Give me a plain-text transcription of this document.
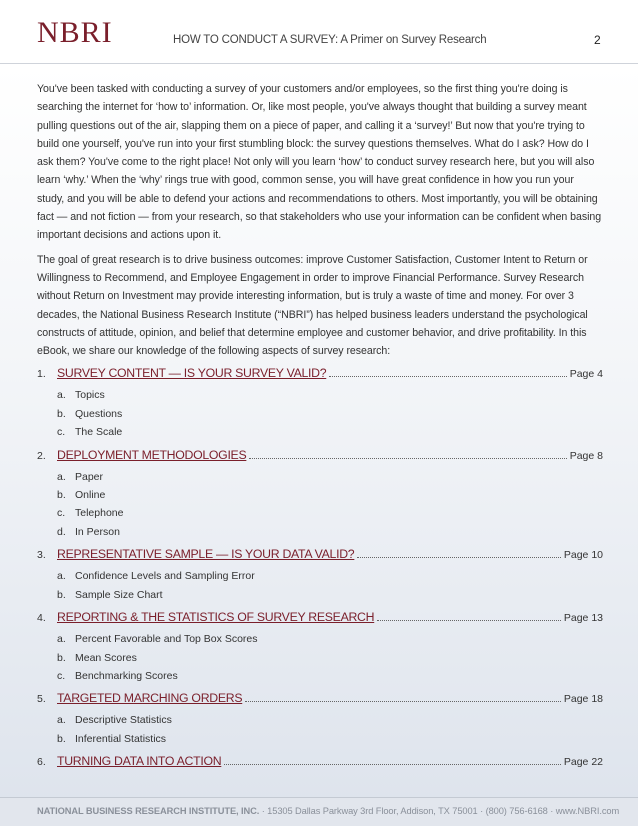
NBRI	HOW TO CONDUCT A SURVEY: A Primer on Survey Research	2

You've been tasked with conducting a survey of your customers and/or employees, so the first thing you're doing is searching the internet for ‘how to’ information. Or, like most people, you've always thought that building a survey meant pulling questions out of the air, slapping them on a piece of paper, and calling it a ‘survey!’ But now that you're trying to build one yourself, you've run into your first stumbling block: the survey questions themselves. What do I ask? How do I ask them? You've come to the right place! Not only will you learn ‘how’ to conduct survey research here, but you will also learn ‘why.’ When the ‘why’ rings true with good, common sense, you will have great confidence in how you run your study, and you will be able to defend your actions and recommendations to others. Most importantly, you will be obtaining fact — and not fiction — from your research, so that stakeholders who use your information can be confident when basing important decisions and actions upon it.

The goal of great research is to drive business outcomes: improve Customer Satisfaction, Customer Intent to Return or Willingness to Recommend, and Employee Engagement in order to improve Financial Performance. Survey Research without Return on Investment may provide interesting information, but is truly a waste of time and money. For over 3 decades, the National Business Research Institute (“NBRI”) has helped business leaders understand the psychological constructs of attitude, opinion, and belief that determine employee and customer behavior, and drive profitability. In this eBook, we share our knowledge of the following aspects of survey research:

1. SURVEY CONTENT — IS YOUR SURVEY VALID?	Page 4
a. Topics
b. Questions
c. The Scale
2. DEPLOYMENT METHODOLOGIES	Page 8
a. Paper
b. Online
c. Telephone
d. In Person
3. REPRESENTATIVE SAMPLE — IS YOUR DATA VALID?	Page 10
a. Confidence Levels and Sampling Error
b. Sample Size Chart
4. REPORTING & THE STATISTICS OF SURVEY RESEARCH	Page 13
a. Percent Favorable and Top Box Scores
b. Mean Scores
c. Benchmarking Scores
5. TARGETED MARCHING ORDERS	Page 18
a. Descriptive Statistics
b. Inferential Statistics
6. TURNING DATA INTO ACTION	Page 22
NATIONAL BUSINESS RESEARCH INSTITUTE, INC. · 15305 Dallas Parkway 3rd Floor, Addison, TX 75001 · (800) 756-6168 · www.NBRI.com
